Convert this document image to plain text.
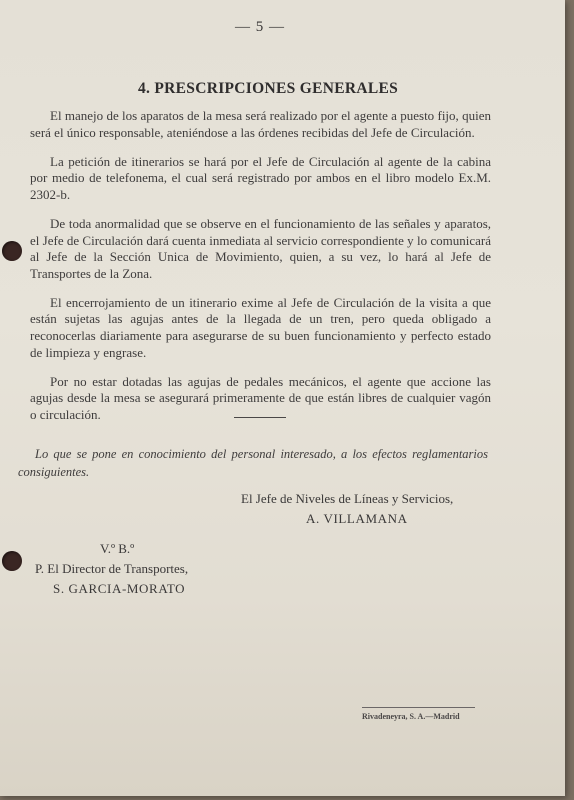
— 5 —
4. PRESCRIPCIONES GENERALES

El manejo de los aparatos de la mesa será realizado por el agente a puesto fijo, quien será el único responsable, ateniéndose a las órdenes recibidas del Jefe de Circulación.

La petición de itinerarios se hará por el Jefe de Circulación al agente de la cabina por medio de telefonema, el cual será registrado por ambos en el libro modelo Ex.M. 2302-b.

De toda anormalidad que se observe en el funcionamiento de las señales y aparatos, el Jefe de Circulación dará cuenta inmediata al servicio correspondiente y lo comunicará al Jefe de la Sección Unica de Movimiento, quien, a su vez, lo hará al Jefe de Transportes de la Zona.

El encerrojamiento de un itinerario exime al Jefe de Circulación de la visita a que están sujetas las agujas antes de la llegada de un tren, pero queda obligado a reconocerlas diariamente para asegurarse de su buen funcionamiento y perfecto estado de limpieza y engrase.

Por no estar dotadas las agujas de pedales mecánicos, el agente que accione las agujas desde la mesa se asegurará primeramente de que están libres de cualquier vagón o circulación.

Lo que se pone en conocimiento del personal interesado, a los efectos reglamentarios consiguientes.
El Jefe de Niveles de Líneas y Servicios,
A. VILLAMANA
V.º B.º
P. El Director de Transportes,
S. GARCIA-MORATO
Rivadeneyra, S. A.—Madrid
